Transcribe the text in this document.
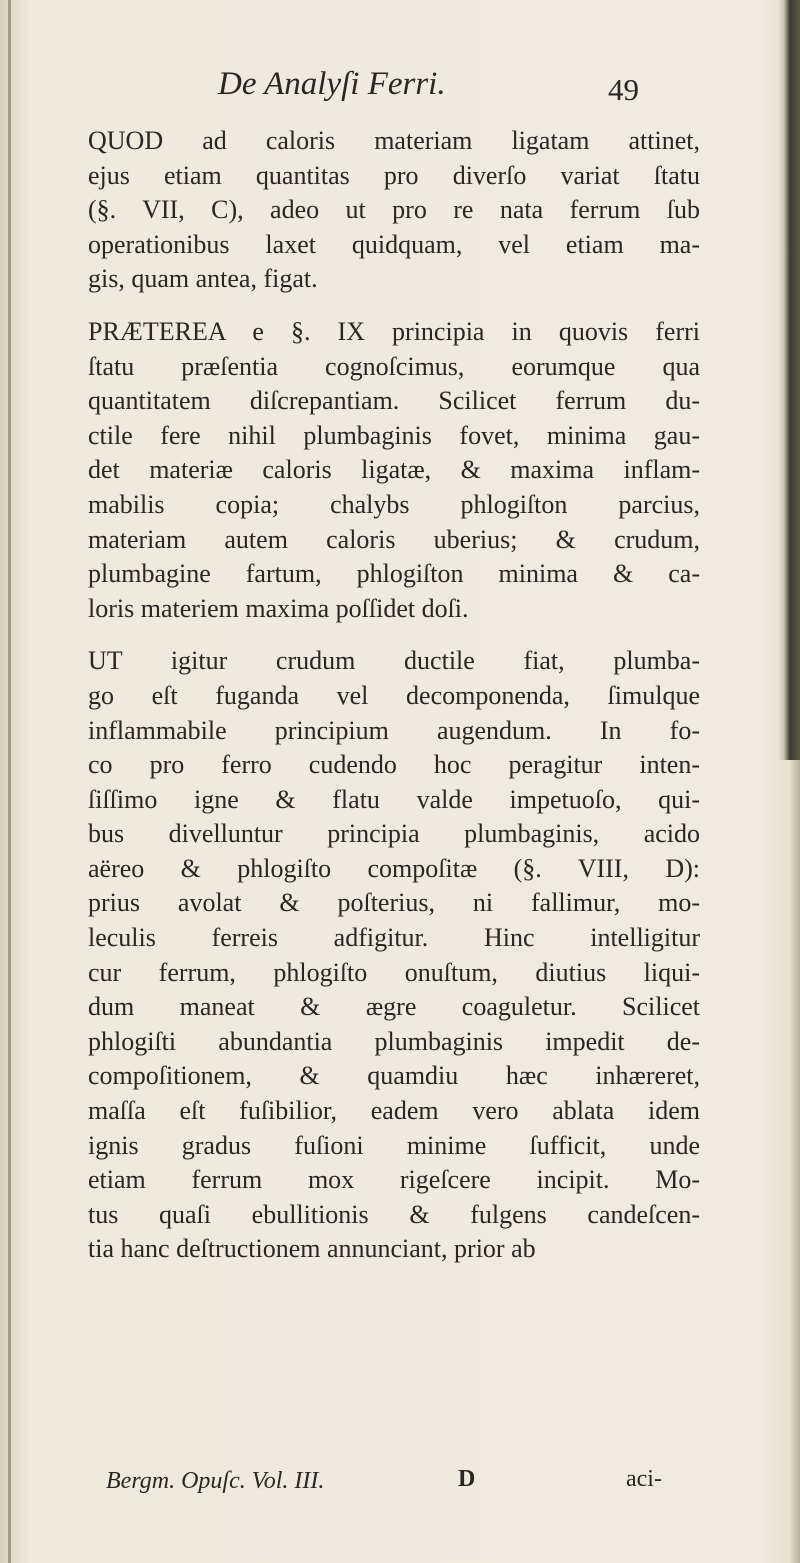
De Analyſi Ferri.	49
QUOD ad caloris materiam ligatam attinet,
ejus etiam quantitas pro diverſo variat ſtatu
(§. VII, C), adeo ut pro re nata ferrum ſub
operationibus laxet quidquam, vel etiam ma-
gis, quam antea, figat.
PRÆTEREA e §. IX principia in quovis ferri
ſtatu præſentia cognoſcimus, eorumque qua
quantitatem diſcrepantiam. Scilicet ferrum du-
ctile fere nihil plumbaginis fovet, minima gau-
det materiæ caloris ligatæ, & maxima inflam-
mabilis copia; chalybs phlogiſton parcius,
materiam autem caloris uberius; & crudum,
plumbagine fartum, phlogiſton minima & ca-
loris materiem maxima poſſidet doſi.
UT igitur crudum ductile fiat, plumba-
go eſt fuganda vel decomponenda, ſimulque
inflammabile principium augendum. In fo-
co pro ferro cudendo hoc peragitur inten-
ſiſſimo igne & flatu valde impetuoſo, qui-
bus divelluntur principia plumbaginis, acido
aëreo & phlogiſto compoſitæ (§. VIII, D):
prius avolat & poſterius, ni fallimur, mo-
leculis ferreis adfigitur. Hinc intelligitur
cur ferrum, phlogiſto onuſtum, diutius liqui-
dum maneat & ægre coaguletur. Scilicet
phlogiſti abundantia plumbaginis impedit de-
compoſitionem, & quamdiu hæc inhæreret,
maſſa eſt fuſibilior, eadem vero ablata idem
ignis gradus fuſioni minime ſufficit, unde
etiam ferrum mox rigeſcere incipit. Mo-
tus quaſi ebullitionis & fulgens candeſcen-
tia hanc deſtructionem annunciant, prior ab
Bergm. Opuſc. Vol. III.	D	aci-
